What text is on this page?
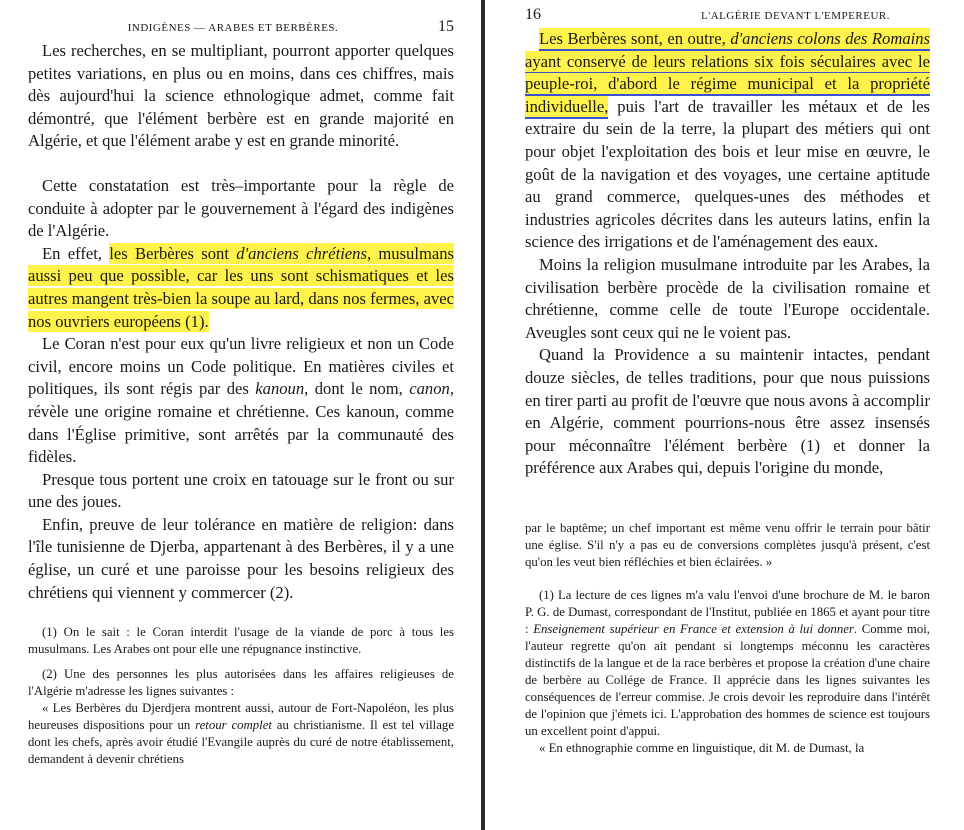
INDIGÈNES — ARABES ET BERBÈRES.	15

Les recherches, en se multipliant, pourront apporter quelques petites variations, en plus ou en moins, dans ces chiffres, mais dès aujourd'hui la science ethnologique admet, comme fait démontré, que l'élément berbère est en grande majorité en Algérie, et que l'élément arabe y est en grande minorité.

Cette constatation est très–importante pour la règle de conduite à adopter par le gouvernement à l'égard des indigènes de l'Algérie.

En effet, les Berbères sont d'anciens chrétiens, musulmans aussi peu que possible, car les uns sont schismatiques et les autres mangent très-bien la soupe au lard, dans nos fermes, avec nos ouvriers européens (1).

Le Coran n'est pour eux qu'un livre religieux et non un Code civil, encore moins un Code politique. En matières civiles et politiques, ils sont régis par des kanoun, dont le nom, canon, révèle une origine romaine et chrétienne. Ces kanoun, comme dans l'Église primitive, sont arrêtés par la communauté des fidèles.

Presque tous portent une croix en tatouage sur le front ou sur une des joues.

Enfin, preuve de leur tolérance en matière de religion: dans l'île tunisienne de Djerba, appartenant à des Berbères, il y a une église, un curé et une paroisse pour les besoins religieux des chrétiens qui viennent y commercer (2).

(1) On le sait : le Coran interdit l'usage de la viande de porc à tous les musulmans. Les Arabes ont pour elle une répugnance instinctive.

(2) Une des personnes les plus autorisées dans les affaires religieuses de l'Algérie m'adresse les lignes suivantes :

« Les Berbères du Djerdjera montrent aussi, autour de Fort-Napoléon, les plus heureuses dispositions pour un retour complet au christianisme. Il est tel village dont les chefs, après avoir étudié l'Evangile auprès du curé de notre établissement, demandent à devenir chrétiens

16	L'ALGÉRIE DEVANT L'EMPEREUR.

Les Berbères sont, en outre, d'anciens colons des Romains ayant conservé de leurs relations six fois séculaires avec le peuple-roi, d'abord le régime municipal et la propriété individuelle, puis l'art de travailler les métaux et de les extraire du sein de la terre, la plupart des métiers qui ont pour objet l'exploitation des bois et leur mise en œuvre, le goût de la navigation et des voyages, une certaine aptitude au grand commerce, quelques-unes des méthodes et industries agricoles décrites dans les auteurs latins, enfin la science des irrigations et de l'aménagement des eaux.

Moins la religion musulmane introduite par les Arabes, la civilisation berbère procède de la civilisation romaine et chrétienne, comme celle de toute l'Europe occidentale. Aveugles sont ceux qui ne le voient pas.

Quand la Providence a su maintenir intactes, pendant douze siècles, de telles traditions, pour que nous puissions en tirer parti au profit de l'œuvre que nous avons à accomplir en Algérie, comment pourrions-nous être assez insensés pour méconnaître l'élément berbère (1) et donner la préférence aux Arabes qui, depuis l'origine du monde,

par le baptême; un chef important est même venu offrir le terrain pour bâtir une église. S'il n'y a pas eu de conversions complètes jusqu'à présent, c'est qu'on les veut bien réfléchies et bien éclairées. »

(1) La lecture de ces lignes m'a valu l'envoi d'une brochure de M. le baron P. G. de Dumast, correspondant de l'Institut, publiée en 1865 et ayant pour titre : Enseignement supérieur en France et extension à lui donner. Comme moi, l'auteur regrette qu'on ait pendant si longtemps méconnu les caractères distinctifs de la langue et de la race berbères et propose la création d'une chaire de berbère au Collége de France. Il apprécie dans les lignes suivantes les conséquences de l'erreur commise. Je crois devoir les reproduire dans l'intérêt de l'opinion que j'émets ici. L'approbation des hommes de science est toujours un excellent point d'appui.

« En ethnographie comme en linguistique, dit M. de Dumast, la
